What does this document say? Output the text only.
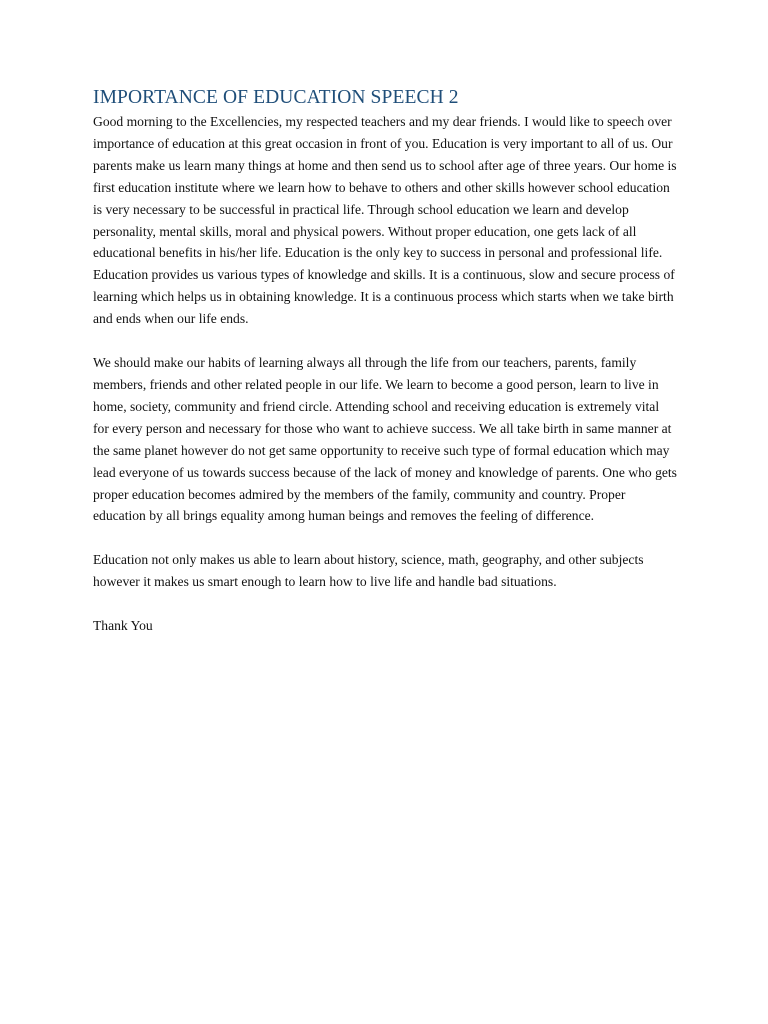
IMPORTANCE OF EDUCATION SPEECH 2

Good morning to the Excellencies, my respected teachers and my dear friends. I would like to speech over
importance of education at this great occasion in front of you. Education is very important to all of us. Our
parents make us learn many things at home and then send us to school after age of three years. Our home is
first education institute where we learn how to behave to others and other skills however school education
is very necessary to be successful in practical life. Through school education we learn and develop
personality, mental skills, moral and physical powers. Without proper education, one gets lack of all
educational benefits in his/her life. Education is the only key to success in personal and professional life.
Education provides us various types of knowledge and skills. It is a continuous, slow and secure process of
learning which helps us in obtaining knowledge. It is a continuous process which starts when we take birth
and ends when our life ends.

We should make our habits of learning always all through the life from our teachers, parents, family
members, friends and other related people in our life. We learn to become a good person, learn to live in
home, society, community and friend circle. Attending school and receiving education is extremely vital
for every person and necessary for those who want to achieve success. We all take birth in same manner at
the same planet however do not get same opportunity to receive such type of formal education which may
lead everyone of us towards success because of the lack of money and knowledge of parents. One who gets
proper education becomes admired by the members of the family, community and country. Proper
education by all brings equality among human beings and removes the feeling of difference.

Education not only makes us able to learn about history, science, math, geography, and other subjects
however it makes us smart enough to learn how to live life and handle bad situations.

Thank You
